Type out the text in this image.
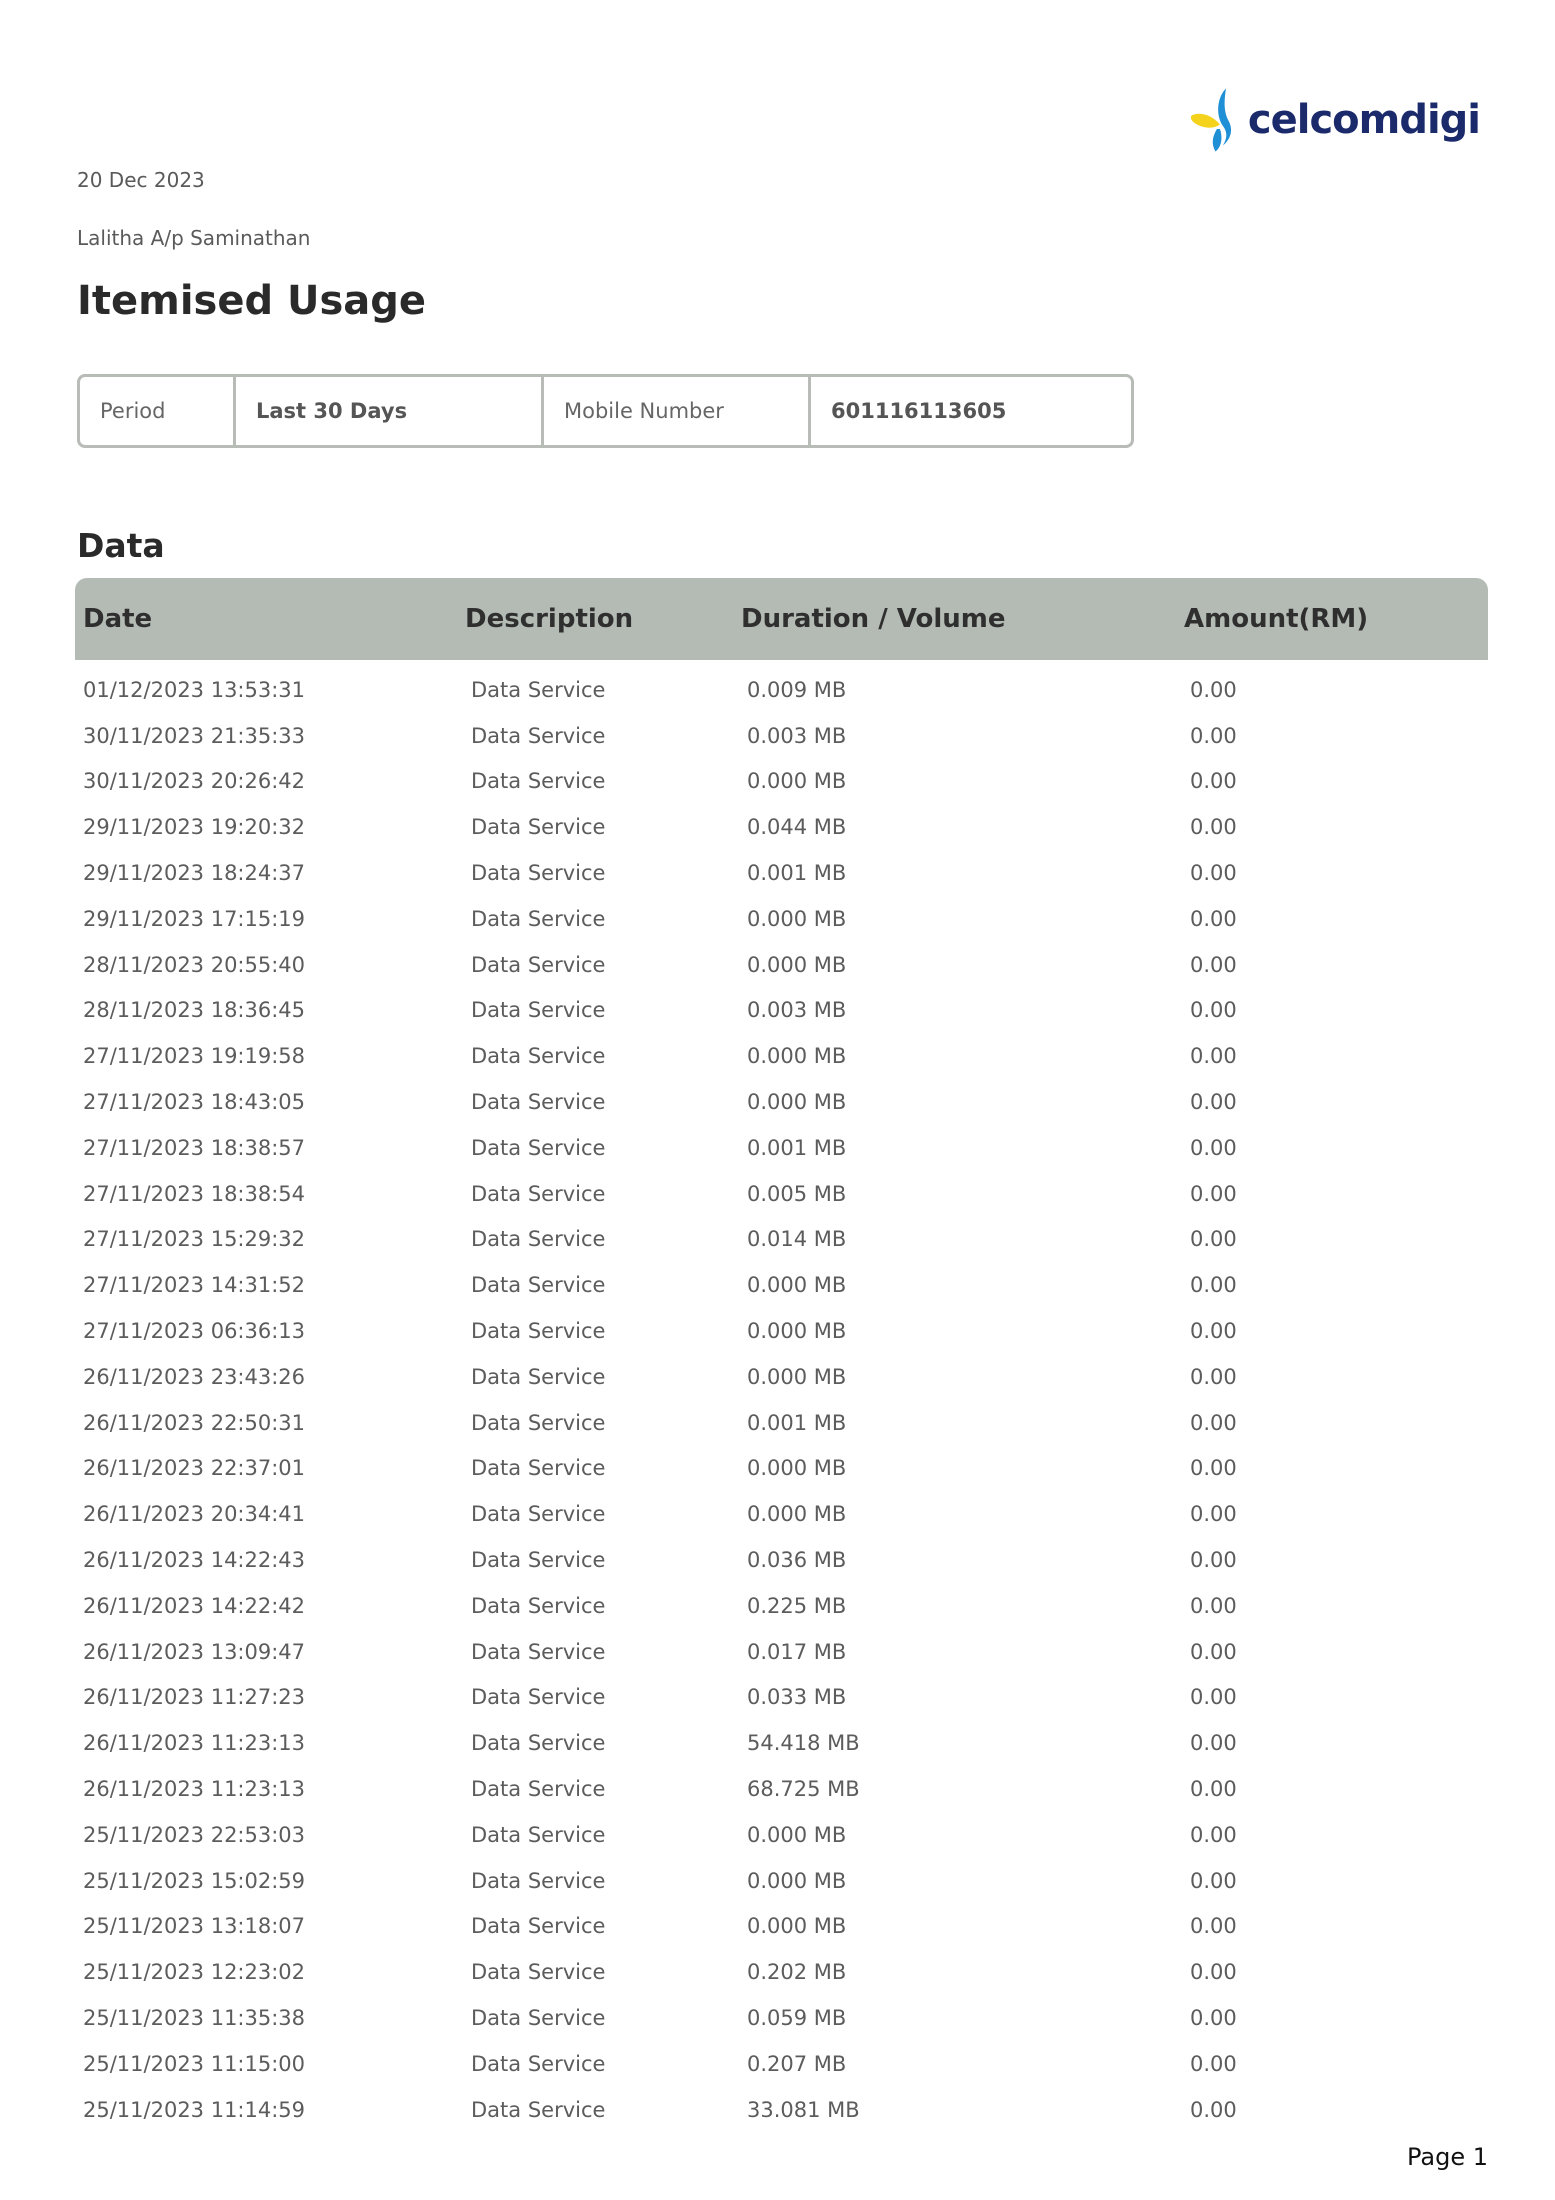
celcomdigi
20 Dec 2023
Lalitha A/p Saminathan
Itemised Usage
Period	Last 30 Days	Mobile Number	601116113605
Data
Date	Description	Duration / Volume	Amount(RM)
01/12/2023 13:53:31	Data Service	0.009 MB	0.00
30/11/2023 21:35:33	Data Service	0.003 MB	0.00
30/11/2023 20:26:42	Data Service	0.000 MB	0.00
29/11/2023 19:20:32	Data Service	0.044 MB	0.00
29/11/2023 18:24:37	Data Service	0.001 MB	0.00
29/11/2023 17:15:19	Data Service	0.000 MB	0.00
28/11/2023 20:55:40	Data Service	0.000 MB	0.00
28/11/2023 18:36:45	Data Service	0.003 MB	0.00
27/11/2023 19:19:58	Data Service	0.000 MB	0.00
27/11/2023 18:43:05	Data Service	0.000 MB	0.00
27/11/2023 18:38:57	Data Service	0.001 MB	0.00
27/11/2023 18:38:54	Data Service	0.005 MB	0.00
27/11/2023 15:29:32	Data Service	0.014 MB	0.00
27/11/2023 14:31:52	Data Service	0.000 MB	0.00
27/11/2023 06:36:13	Data Service	0.000 MB	0.00
26/11/2023 23:43:26	Data Service	0.000 MB	0.00
26/11/2023 22:50:31	Data Service	0.001 MB	0.00
26/11/2023 22:37:01	Data Service	0.000 MB	0.00
26/11/2023 20:34:41	Data Service	0.000 MB	0.00
26/11/2023 14:22:43	Data Service	0.036 MB	0.00
26/11/2023 14:22:42	Data Service	0.225 MB	0.00
26/11/2023 13:09:47	Data Service	0.017 MB	0.00
26/11/2023 11:27:23	Data Service	0.033 MB	0.00
26/11/2023 11:23:13	Data Service	54.418 MB	0.00
26/11/2023 11:23:13	Data Service	68.725 MB	0.00
25/11/2023 22:53:03	Data Service	0.000 MB	0.00
25/11/2023 15:02:59	Data Service	0.000 MB	0.00
25/11/2023 13:18:07	Data Service	0.000 MB	0.00
25/11/2023 12:23:02	Data Service	0.202 MB	0.00
25/11/2023 11:35:38	Data Service	0.059 MB	0.00
25/11/2023 11:15:00	Data Service	0.207 MB	0.00
25/11/2023 11:14:59	Data Service	33.081 MB	0.00
Page 1
